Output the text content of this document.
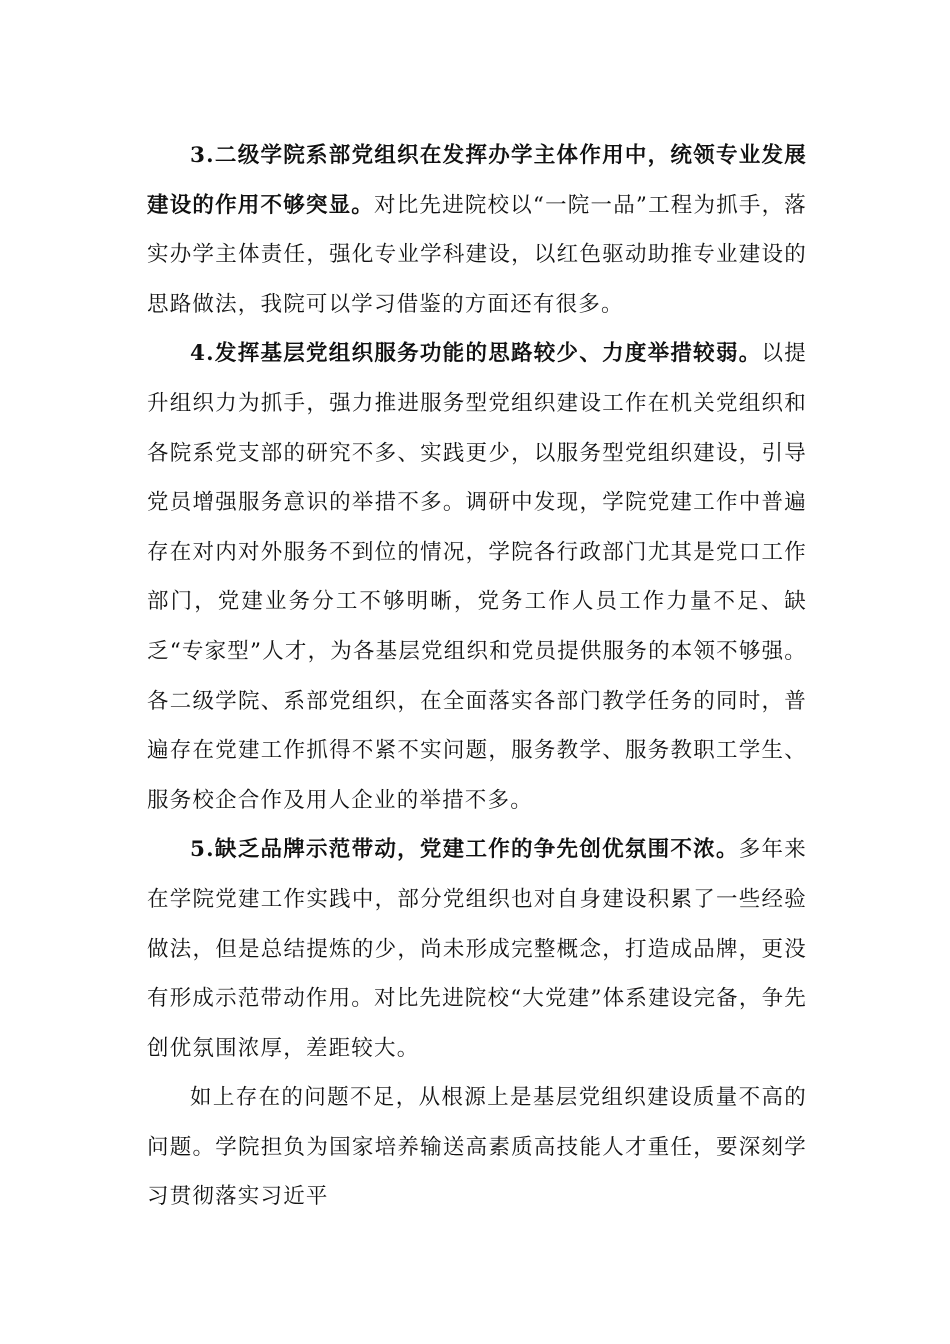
3.二级学院系部党组织在发挥办学主体作用中，统领专业发展建设的作用不够突显。对比先进院校以“一院一品”工程为抓手，落实办学主体责任，强化专业学科建设，以红色驱动助推专业建设的思路做法，我院可以学习借鉴的方面还有很多。

4.发挥基层党组织服务功能的思路较少、力度举措较弱。以提升组织力为抓手，强力推进服务型党组织建设工作在机关党组织和各院系党支部的研究不多、实践更少，以服务型党组织建设，引导党员增强服务意识的举措不多。调研中发现，学院党建工作中普遍存在对内对外服务不到位的情况，学院各行政部门尤其是党口工作部门，党建业务分工不够明晰，党务工作人员工作力量不足、缺乏“专家型”人才，为各基层党组织和党员提供服务的本领不够强。各二级学院、系部党组织，在全面落实各部门教学任务的同时，普遍存在党建工作抓得不紧不实问题，服务教学、服务教职工学生、服务校企合作及用人企业的举措不多。

5.缺乏品牌示范带动，党建工作的争先创优氛围不浓。多年来在学院党建工作实践中，部分党组织也对自身建设积累了一些经验做法，但是总结提炼的少，尚未形成完整概念，打造成品牌，更没有形成示范带动作用。对比先进院校“大党建”体系建设完备，争先创优氛围浓厚，差距较大。

如上存在的问题不足，从根源上是基层党组织建设质量不高的问题。学院担负为国家培养输送高素质高技能人才重任，要深刻学习贯彻落实习近平
